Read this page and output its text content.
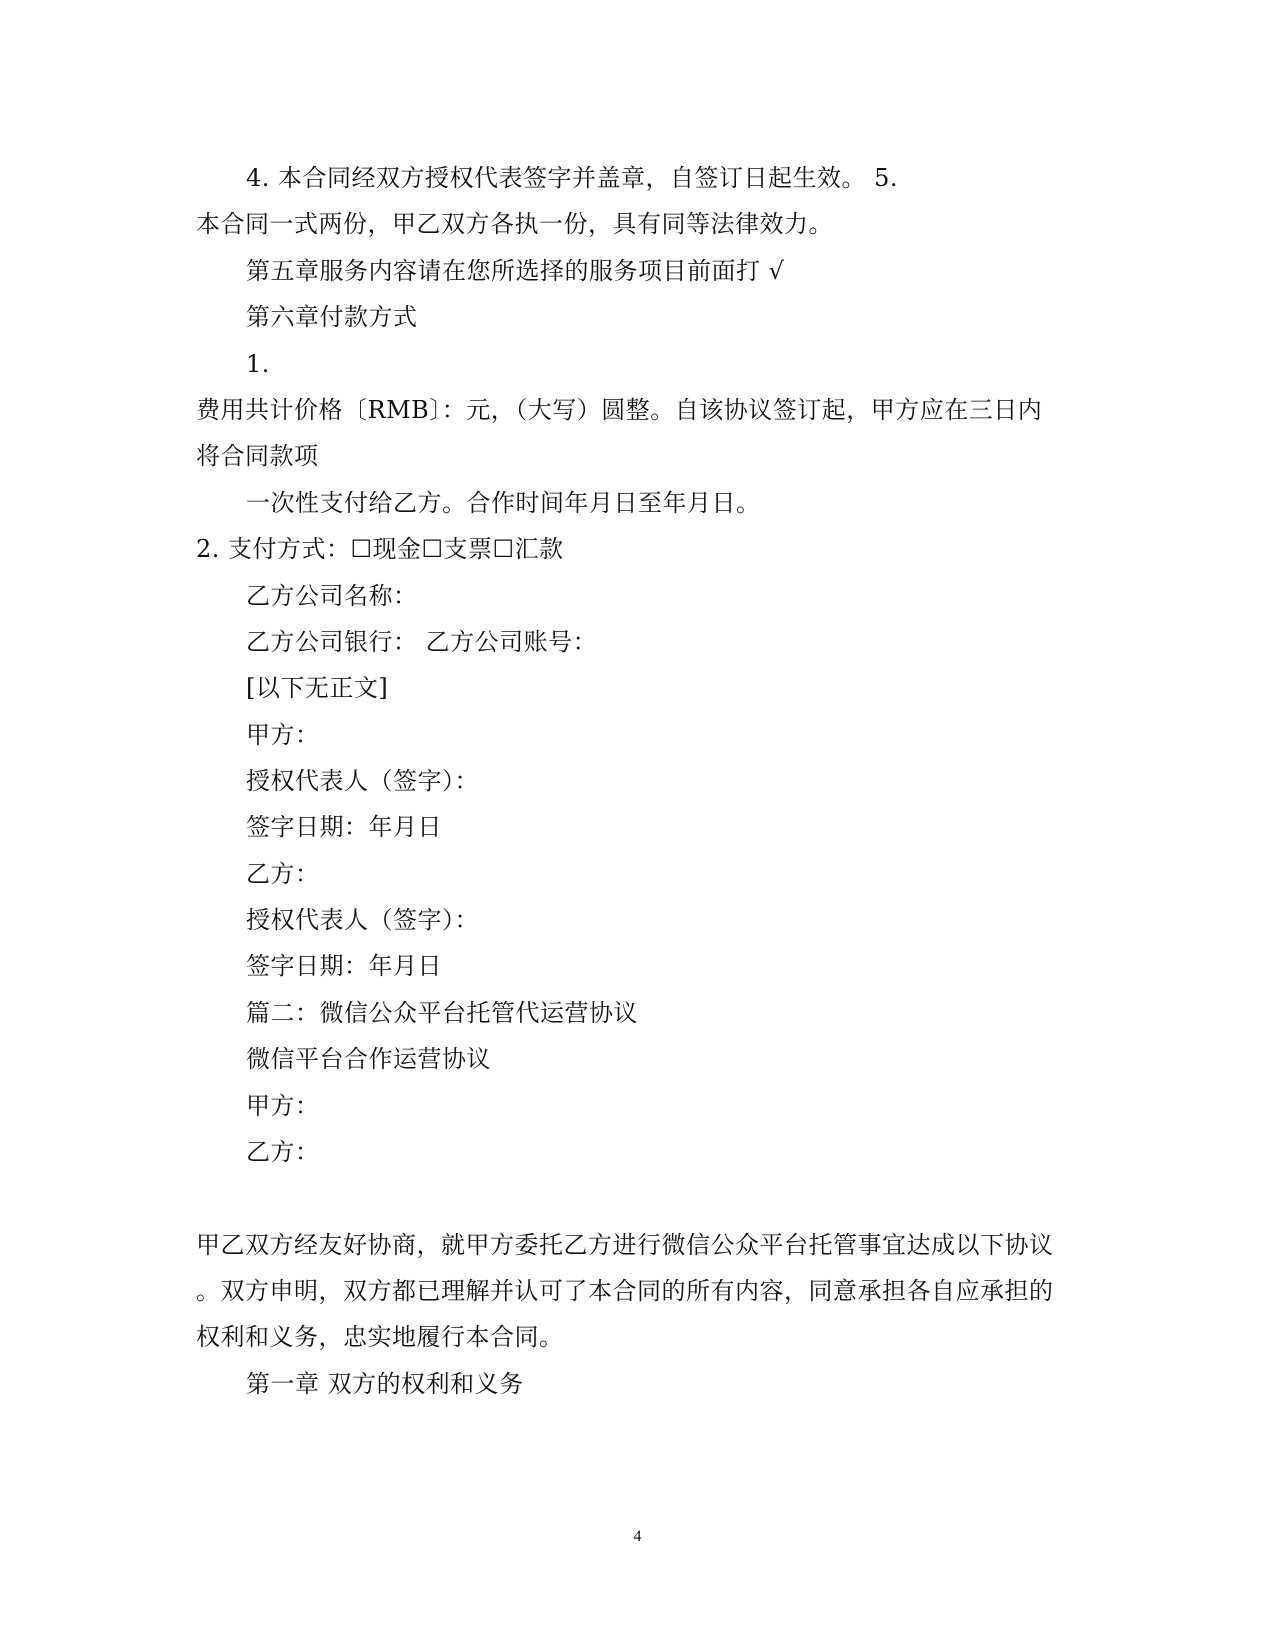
4. 本合同经双方授权代表签字并盖章，自签订日起生效。 5.
本合同一式两份，甲乙双方各执一份，具有同等法律效力。
第五章服务内容请在您所选择的服务项目前面打 √
第六章付款方式
1.
费用共计价格〔RMB〕：元，（大写）圆整。自该协议签订起，甲方应在三日内
将合同款项
一次性支付给乙方。合作时间年月日至年月日。
2. 支付方式：☐现金☐支票☐汇款
乙方公司名称：
乙方公司银行： 乙方公司账号：
[以下无正文]
甲方：
授权代表人（签字）：
签字日期：年月日
乙方：
授权代表人（签字）：
签字日期：年月日
篇二：微信公众平台托管代运营协议
微信平台合作运营协议
甲方：
乙方：
甲乙双方经友好协商，就甲方委托乙方进行微信公众平台托管事宜达成以下协议
。双方申明，双方都已理解并认可了本合同的所有内容，同意承担各自应承担的
权利和义务，忠实地履行本合同。
第一章 双方的权利和义务
4
